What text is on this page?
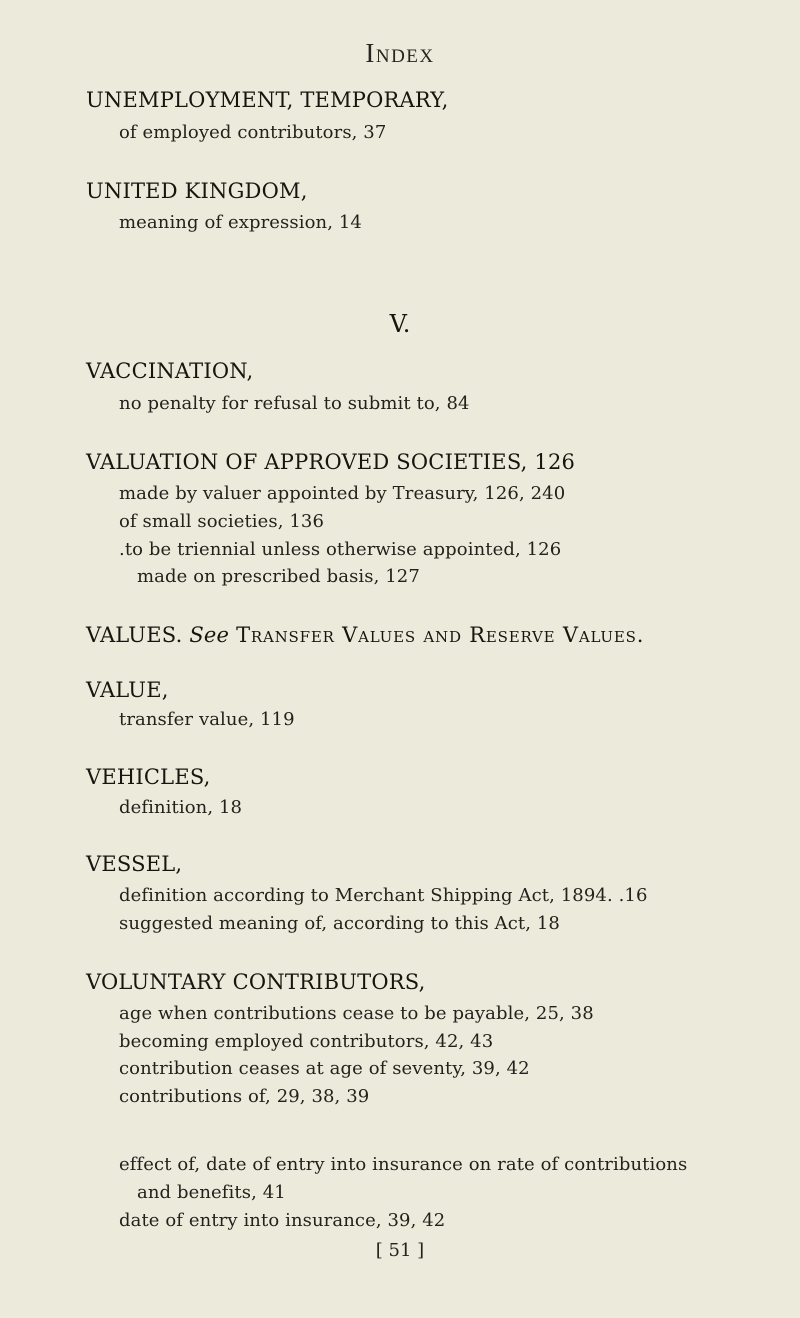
Index
UNEMPLOYMENT, TEMPORARY,
of employed contributors, 37
UNITED KINGDOM,
meaning of expression, 14
V.
VACCINATION,
no penalty for refusal to submit to, 84
VALUATION OF APPROVED SOCIETIES, 126
made by valuer appointed by Treasury, 126, 240
of small societies, 136
.to be triennial unless otherwise appointed, 126
made on prescribed basis, 127
VALUES. See Transfer Values and Reserve Values.
VALUE,
transfer value, 119
VEHICLES,
definition, 18
VESSEL,
definition according to Merchant Shipping Act, 1894. .16
suggested meaning of, according to this Act, 18
VOLUNTARY CONTRIBUTORS,
age when contributions cease to be payable, 25, 38
becoming employed contributors, 42, 43
contribution ceases at age of seventy, 39, 42
contributions of, 29, 38, 39
effect of, date of entry into insurance on rate of contributions
and benefits, 41
date of entry into insurance, 39, 42
[ 51 ]
